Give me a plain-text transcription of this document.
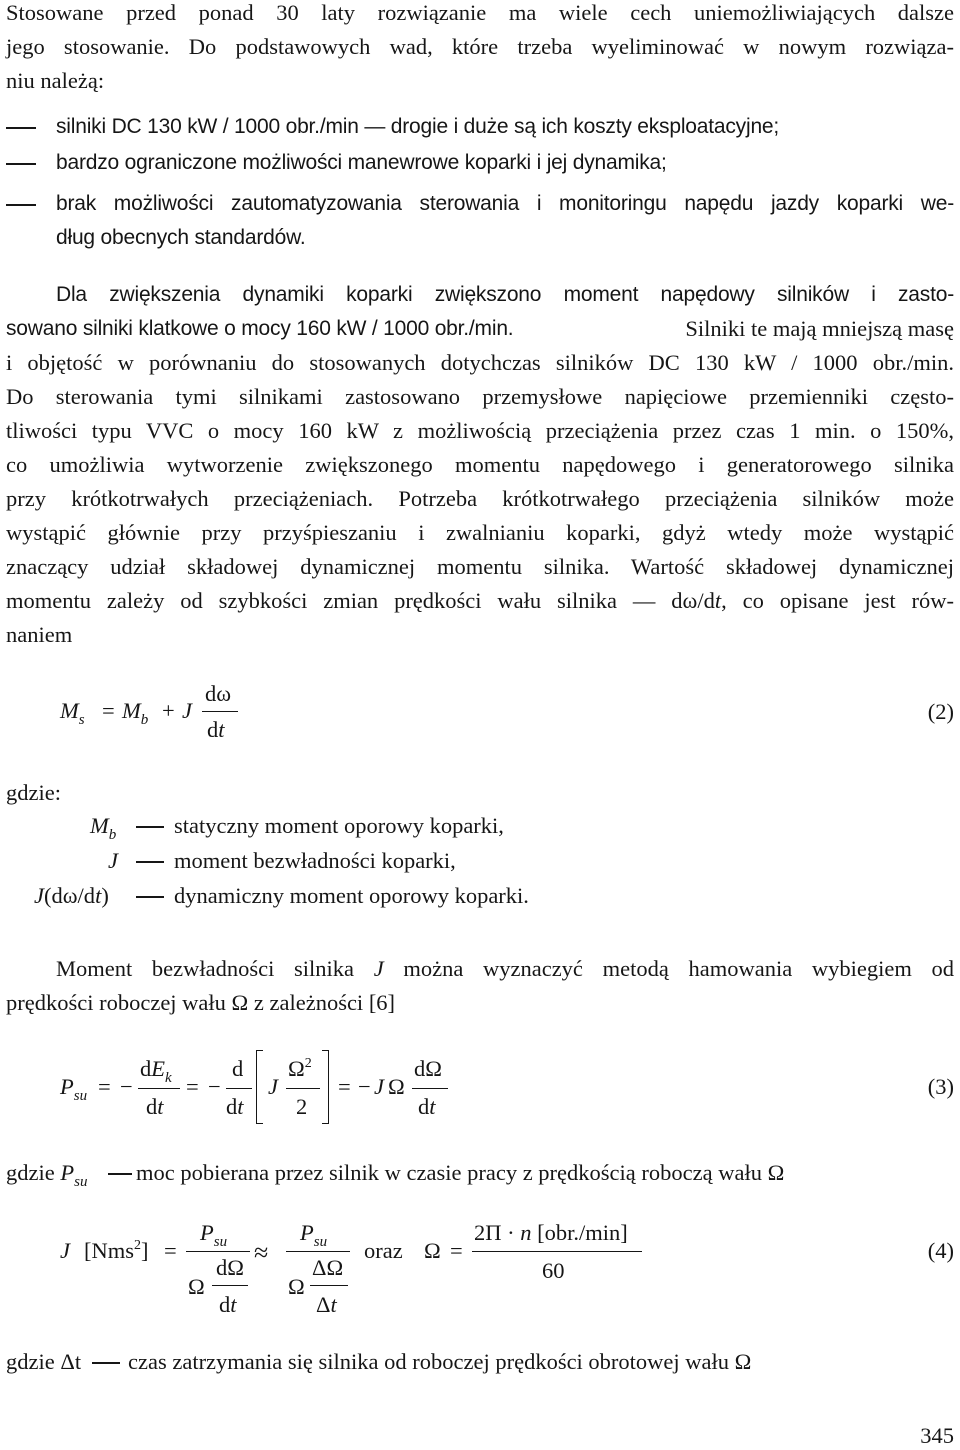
Stosowane przed ponad 30 laty rozwiązanie ma wiele cech uniemożliwiających dalsze
jego stosowanie. Do podstawowych wad, które trzeba wyeliminować w nowym rozwiąza-
niu należą:
silniki DC 130 kW / 1000 obr./min — drogie i duże są ich koszty eksploatacyjne;
bardzo ograniczone możliwości manewrowe koparki i jej dynamika;
brak możliwości zautomatyzowania sterowania i monitoringu napędu jazdy koparki we-
dług obecnych standardów.
Dla zwiększenia dynamiki koparki zwiększono moment napędowy silników i zasto-
sowano silniki klatkowe o mocy 160 kW / 1000 obr./min.	Silniki te mają mniejszą masę
i objętość w porównaniu do stosowanych dotychczas silników DC 130 kW / 1000 obr./min.
Do sterowania tymi silnikami zastosowano przemysłowe napięciowe przemienniki często-
tliwości typu VVC o mocy 160 kW z możliwością przeciążenia przez czas 1 min. o 150%,
co umożliwia wytworzenie zwiększonego momentu napędowego i generatorowego silnika
przy krótkotrwałych przeciążeniach. Potrzeba krótkotrwałego przeciążenia silników może
wystąpić głównie przy przyśpieszaniu i zwalnianiu koparki, gdyż wtedy może wystąpić
znaczący udział składowej dynamicznej momentu silnika. Wartość składowej dynamicznej
momentu zależy od szybkości zmian prędkości wału silnika — dω/dt, co opisane jest rów-
naniem
$M_s = M_b + J$
dω
dt
(2)
gdzie:
$M_b$	statyczny moment oporowy koparki,
J moment bezwładności koparki,
J(dω/dt)	dynamiczny moment oporowy koparki.
Moment bezwładności silnika J można wyznaczyć metodą hamowania wybiegiem od
prędkości roboczej wału Ω z zależności [6]
$P_{su}$ = −
$dE_k$
dt
= −
d
dt
J
$\Omega^2$
2
= − J Ω
dΩ
dt
(3)
gdzie $P_{su}$ moc pobierana przez silnik w czasie pracy z prędkością roboczą wału Ω
J [Nms$^2$] =
$P_{su}$
Ω
dΩ
dt
≈
$P_{su}$
Ω
ΔΩ
Δt
oraz Ω =
2Π · n [obr./min]
60
(4)
gdzie Δt czas zatrzymania się silnika od roboczej prędkości obrotowej wału Ω
345
